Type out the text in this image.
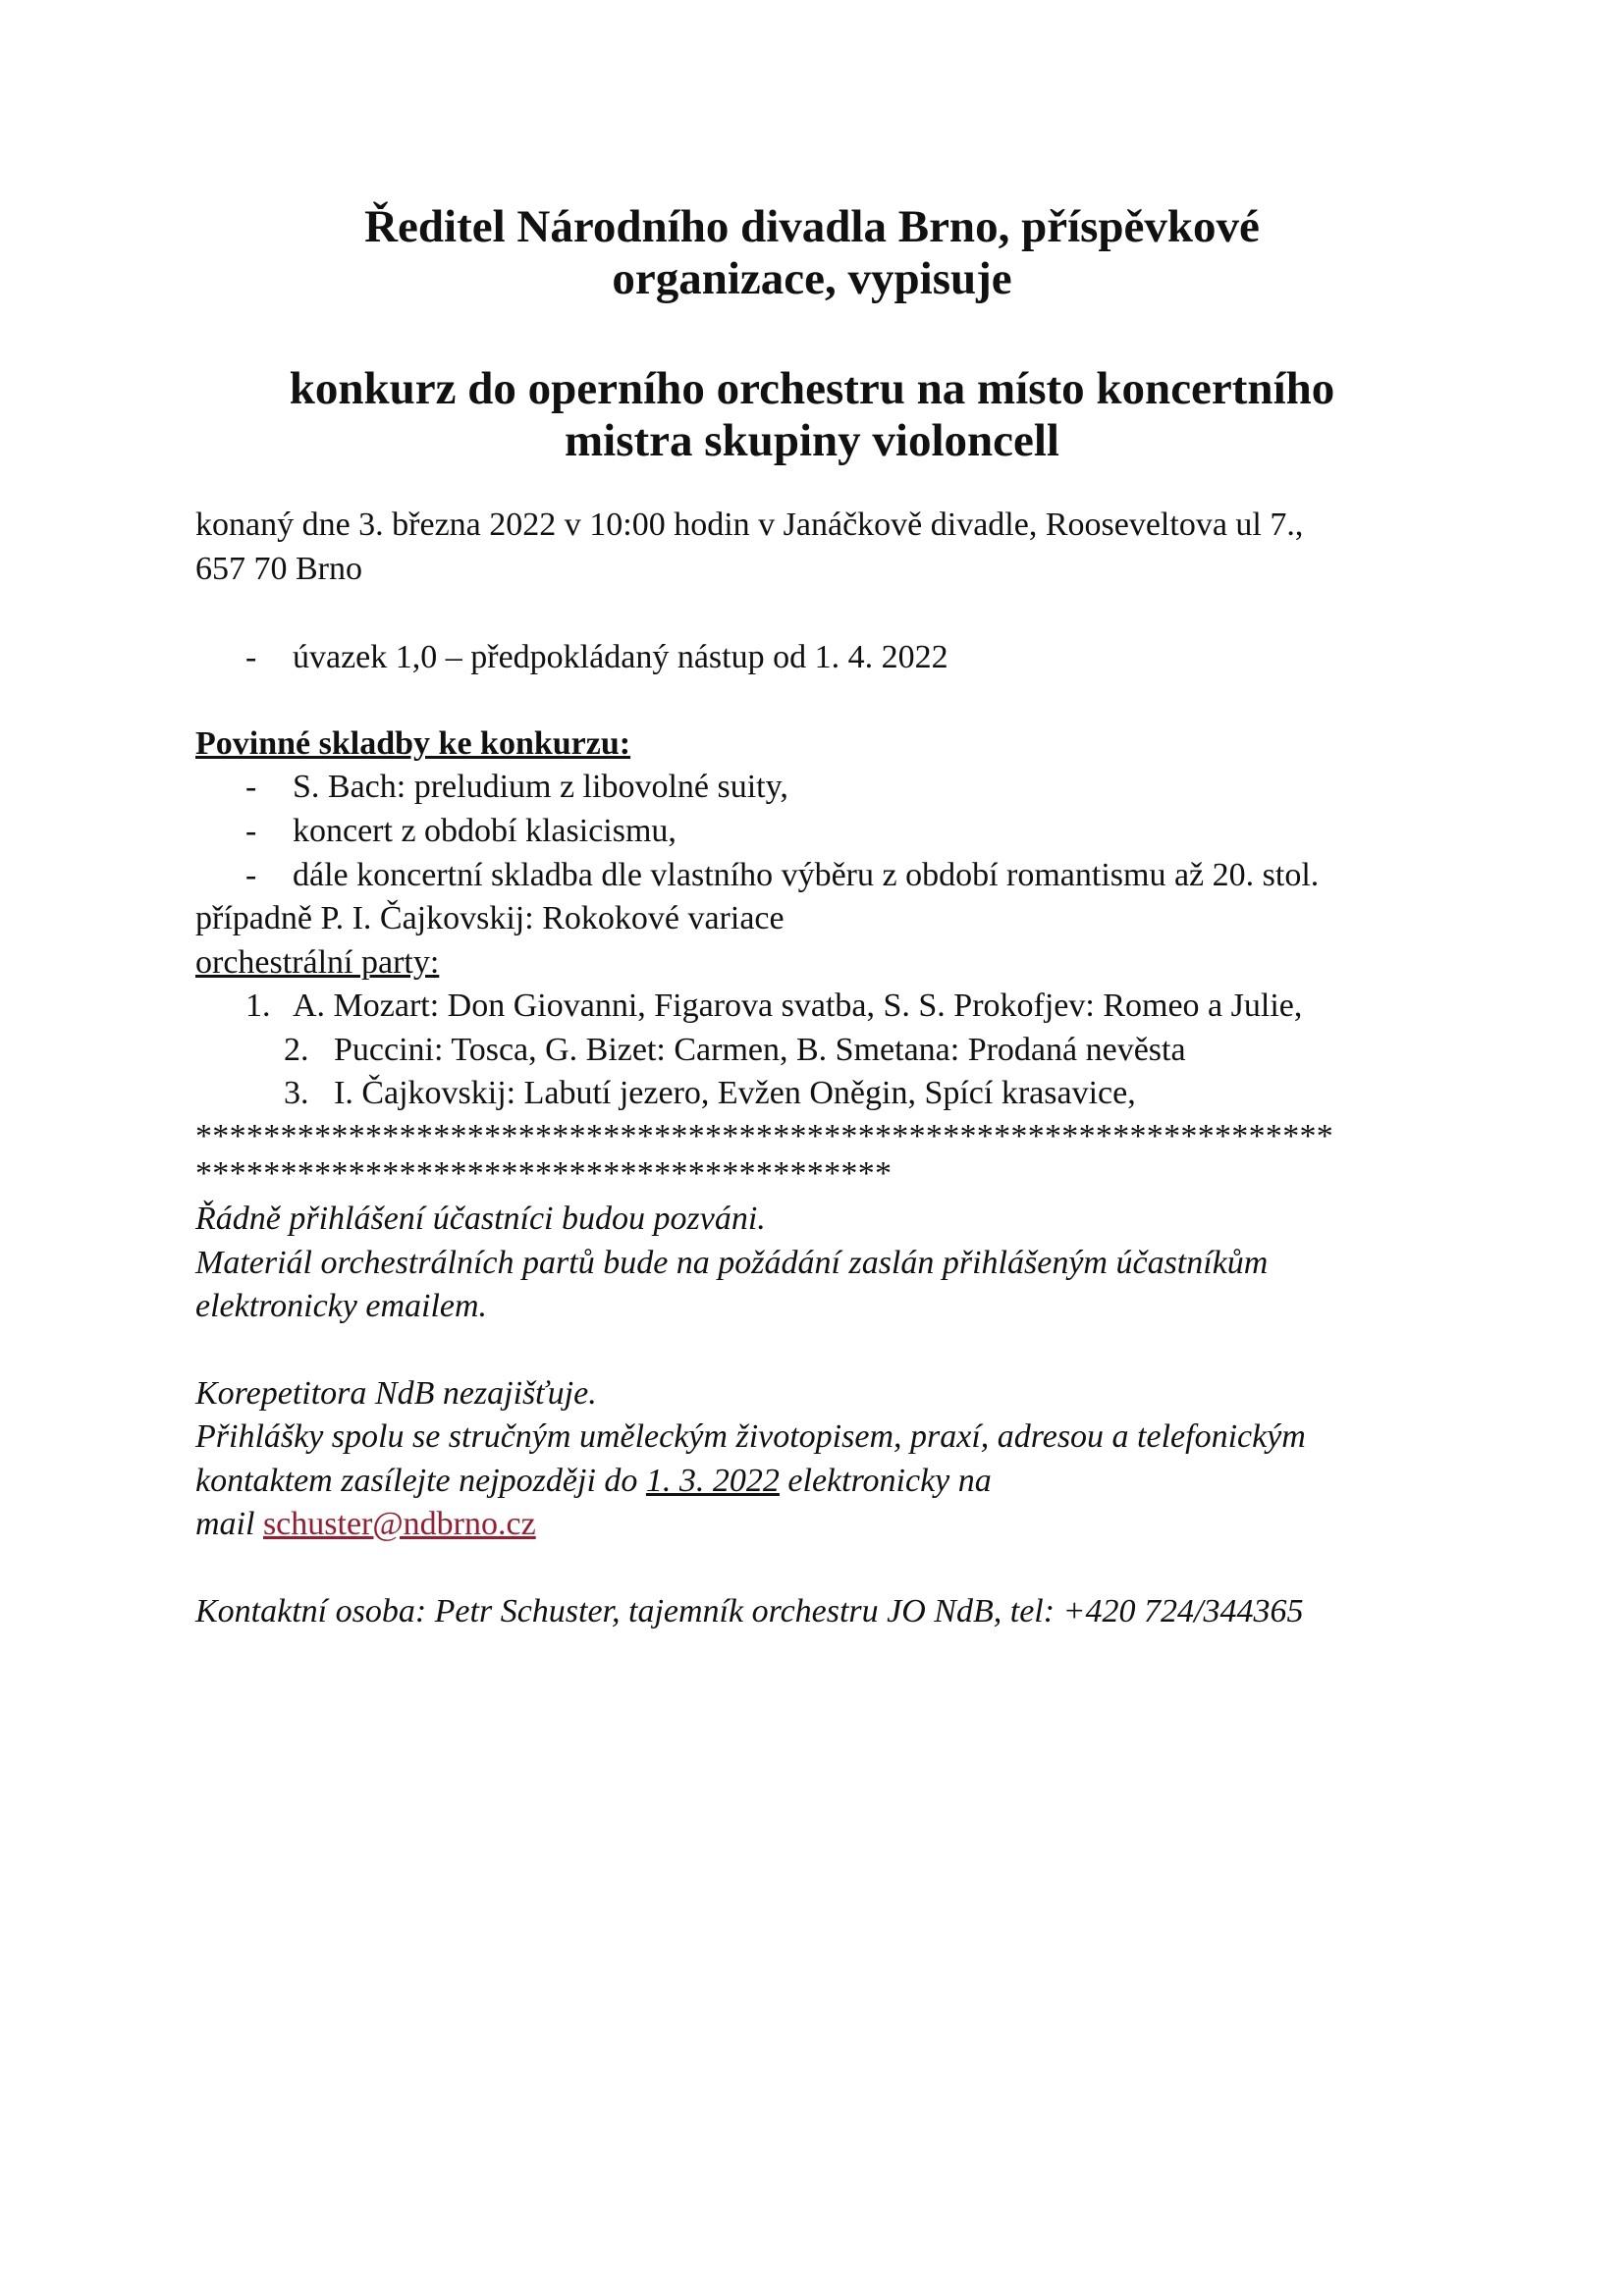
Ředitel Národního divadla Brno, příspěvkové
organizace, vypisuje
konkurz do operního orchestru na místo koncertního
mistra skupiny violoncell

konaný dne 3. března 2022 v 10:00 hodin v Janáčkově divadle, Rooseveltova ul 7.,

657 70 Brno

- úvazek 1,0 – předpokládaný nástup od 1. 4. 2022

Povinné skladby ke konkurzu:

- S. Bach: preludium z libovolné suity,
- koncert z období klasicismu,
- dále koncertní skladba dle vlastního výběru z období romantismu až 20. stol.

případně P. I. Čajkovskij: Rokokové variace

orchestrální party:

1. A. Mozart: Don Giovanni, Figarova svatba, S. S. Prokofjev: Romeo a Julie,
2. Puccini: Tosca, G. Bizet: Carmen, B. Smetana: Prodaná nevěsta
3. I. Čajkovskij: Labutí jezero, Evžen Oněgin, Spící krasavice,

*******************************************************************

*****************************************

Řádně přihlášení účastníci budou pozváni.

Materiál orchestrálních partů bude na požádání zaslán přihlášeným účastníkům

elektronicky emailem.

Korepetitora NdB nezajišťuje.

Přihlášky spolu se stručným uměleckým životopisem, praxí, adresou a telefonickým

kontaktem zasílejte nejpozději do 1. 3. 2022 elektronicky na

mail schuster@ndbrno.cz

Kontaktní osoba: Petr Schuster, tajemník orchestru JO NdB, tel: +420 724/344365
